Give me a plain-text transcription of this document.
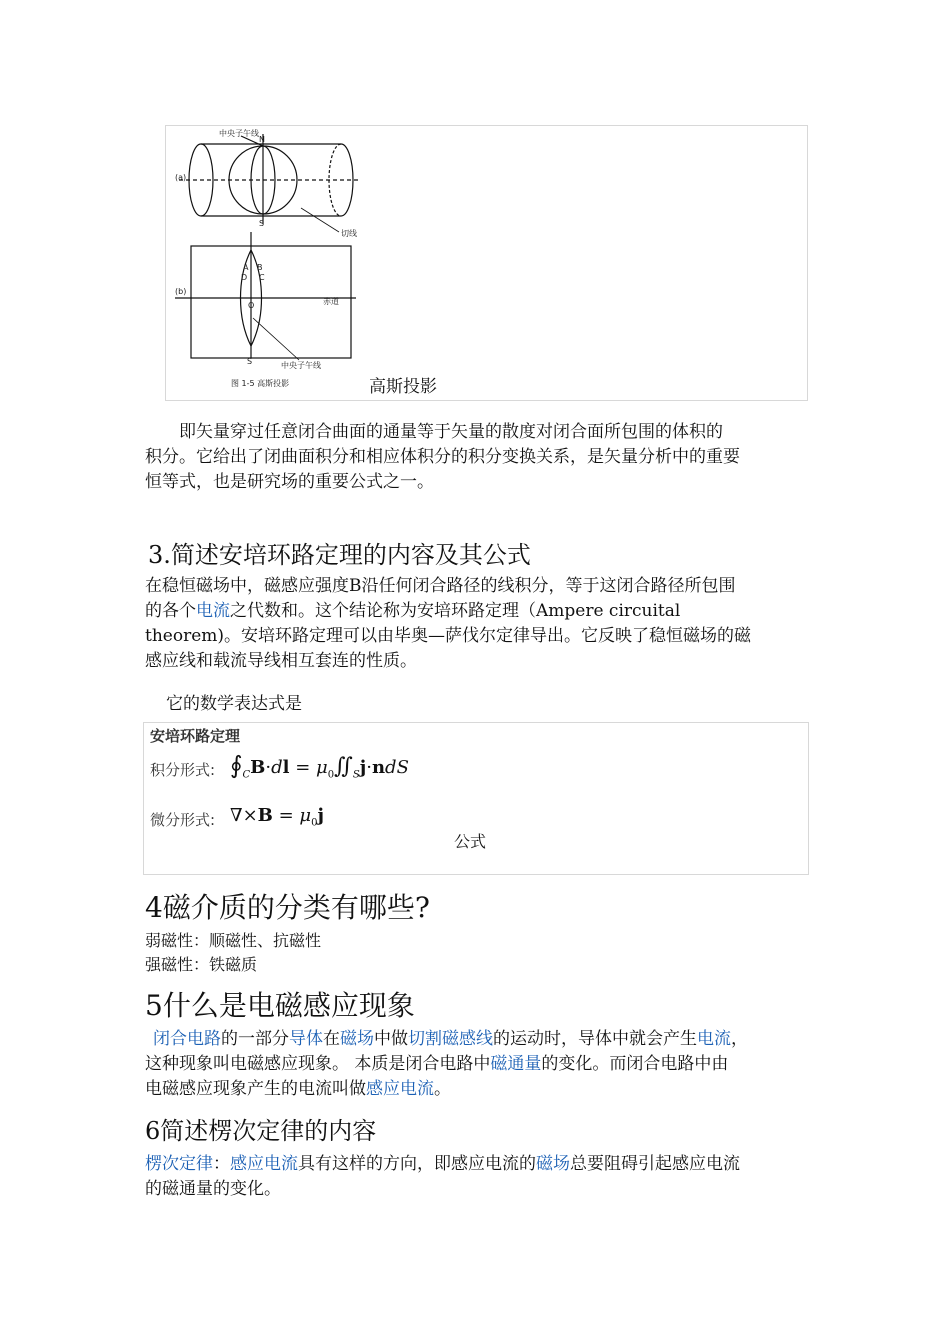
中央子午线
(a)
N
S
切线
(b)
赤道
A B
D C
O
S	中央子午线
图 1-5 高斯投影	高斯投影
即矢量穿过任意闭合曲面的通量等于矢量的散度对闭合面所包围的体积的
积分。它给出了闭曲面积分和相应体积分的积分变换关系，是矢量分析中的重要
恒等式，也是研究场的重要公式之一。
3.简述安培环路定理的内容及其公式
在稳恒磁场中，磁感应强度B沿任何闭合路径的线积分，等于这闭合路径所包围
的各个电流之代数和。这个结论称为安培环路定理（Ampere circuital
theorem)。安培环路定理可以由毕奥—萨伐尔定律导出。它反映了稳恒磁场的磁
感应线和载流导线相互套连的性质。
它的数学表达式是
安培环路定理
积分形式: $∮_CB\cdot dl$ = $\mu_0∬_Sj\cdot ndS$
微分形式: $\nabla\times B = \mu_0j$
公式
4磁介质的分类有哪些?
弱磁性：顺磁性、抗磁性
强磁性：铁磁质
5什么是电磁感应现象
闭合电路的一部分导体在磁场中做切割磁感线的运动时，导体中就会产生电流，
这种现象叫电磁感应现象。 本质是闭合电路中磁通量的变化。而闭合电路中由
电磁感应现象产生的电流叫做感应电流。
6简述楞次定律的内容
楞次定律：感应电流具有这样的方向，即感应电流的磁场总要阻碍引起感应电流
的磁通量的变化。
